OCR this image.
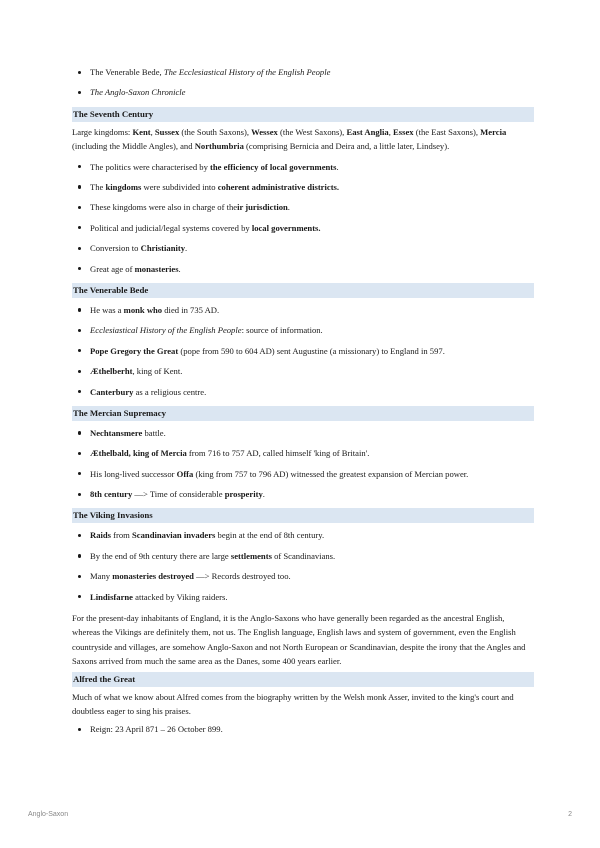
The Venerable Bede, The Ecclesiastical History of the English People
The Anglo-Saxon Chronicle
The Seventh Century

Large kingdoms: Kent, Sussex (the South Saxons), Wessex (the West Saxons), East Anglia, Essex (the East Saxons), Mercia (including the Middle Angles), and Northumbria (comprising Bernicia and Deira and, a little later, Lindsey).

The politics were characterised by the efficiency of local governments.
The kingdoms were subdivided into coherent administrative districts.
These kingdoms were also in charge of their jurisdiction.
Political and judicial/legal systems covered by local governments.
Conversion to Christianity.
Great age of monasteries.
The Venerable Bede
He was a monk who died in 735 AD.
Ecclesiastical History of the English People: source of information.
Pope Gregory the Great (pope from 590 to 604 AD) sent Augustine (a missionary) to England in 597.
Æthelberht, king of Kent.
Canterbury as a religious centre.
The Mercian Supremacy
Nechtansmere battle.
Æthelbald, king of Mercia from 716 to 757 AD, called himself 'king of Britain'.
His long-lived successor Offa (king from 757 to 796 AD) witnessed the greatest expansion of Mercian power.
8th century —> Time of considerable prosperity.
The Viking Invasions
Raids from Scandinavian invaders begin at the end of 8th century.
By the end of 9th century there are large settlements of Scandinavians.
Many monasteries destroyed —> Records destroyed too.
Lindisfarne attacked by Viking raiders.

For the present-day inhabitants of England, it is the Anglo-Saxons who have generally been regarded as the ancestral English, whereas the Vikings are definitely them, not us. The English language, English laws and system of government, even the English countryside and villages, are somehow Anglo-Saxon and not North European or Scandinavian, despite the irony that the Angles and Saxons arrived from much the same area as the Danes, some 400 years earlier.

Alfred the Great

Much of what we know about Alfred comes from the biography written by the Welsh monk Asser, invited to the king's court and doubtless eager to sing his praises.

Reign: 23 April 871 – 26 October 899.
Anglo-Saxon	2
